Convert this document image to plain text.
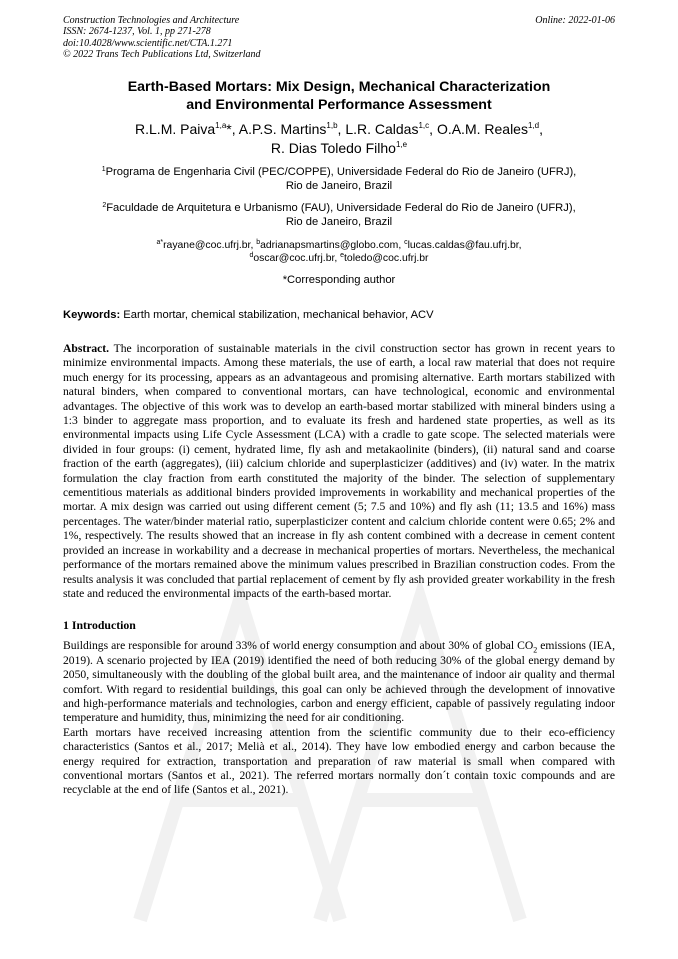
Construction Technologies and Architecture
ISSN: 2674-1237, Vol. 1, pp 271-278
doi:10.4028/www.scientific.net/CTA.1.271
© 2022 Trans Tech Publications Ltd, Switzerland
Online: 2022-01-06
Earth-Based Mortars: Mix Design, Mechanical Characterization
and Environmental Performance Assessment
R.L.M. Paiva$^{1,a}$*, A.P.S. Martins$^{1,b}$, L.R. Caldas$^{1,c}$, O.A.M. Reales$^{1,d}$,
R. Dias Toledo Filho$^{1,e}$
$^1$Programa de Engenharia Civil (PEC/COPPE), Universidade Federal do Rio de Janeiro (UFRJ),
Rio de Janeiro, Brazil
$^2$Faculdade de Arquitetura e Urbanismo (FAU), Universidade Federal do Rio de Janeiro (UFRJ),
Rio de Janeiro, Brazil
$^{a*}$rayane@coc.ufrj.br, $^b$adrianapsmartins@globo.com, $^c$lucas.caldas@fau.ufrj.br,
$^d$oscar@coc.ufrj.br, $^e$toledo@coc.ufrj.br
*Corresponding author
Keywords: Earth mortar, chemical stabilization, mechanical behavior, ACV
Abstract. The incorporation of sustainable materials in the civil construction sector has grown in recent years to minimize environmental impacts. Among these materials, the use of earth, a local raw material that does not require much energy for its processing, appears as an advantageous and promising alternative. Earth mortars stabilized with natural binders, when compared to conventional mortars, can have technological, economic and environmental advantages. The objective of this work was to develop an earth-based mortar stabilized with mineral binders using a 1:3 binder to aggregate mass proportion, and to evaluate its fresh and hardened state properties, as well as its environmental impacts using Life Cycle Assessment (LCA) with a cradle to gate scope. The selected materials were divided in four groups: (i) cement, hydrated lime, fly ash and metakaolinite (binders), (ii) natural sand and coarse fraction of the earth (aggregates), (iii) calcium chloride and superplasticizer (additives) and (iv) water. In the matrix formulation the clay fraction from earth constituted the majority of the binder. The selection of supplementary cementitious materials as additional binders provided improvements in workability and mechanical properties of the mortar. A mix design was carried out using different cement (5; 7.5 and 10%) and fly ash (11; 13.5 and 16%) mass percentages. The water/binder material ratio, superplasticizer content and calcium chloride content were 0.65; 2% and 1%, respectively. The results showed that an increase in fly ash content combined with a decrease in cement content provided an increase in workability and a decrease in mechanical properties of mortars. Nevertheless, the mechanical performance of the mortars remained above the minimum values prescribed in Brazilian construction codes. From the results analysis it was concluded that partial replacement of cement by fly ash provided greater workability in the fresh state and reduced the environmental impacts of the earth-based mortar.
1 Introduction
Buildings are responsible for around 33% of world energy consumption and about 30% of global $CO_2$ emissions (IEA, 2019). A scenario projected by IEA (2019) identified the need of both reducing 30% of the global energy demand by 2050, simultaneously with the doubling of the global built area, and the maintenance of indoor air quality and thermal comfort. With regard to residential buildings, this goal can only be achieved through the development of innovative and high-performance materials and technologies, carbon and energy efficient, capable of passively regulating indoor temperature and humidity, thus, minimizing the need for air conditioning.
Earth mortars have received increasing attention from the scientific community due to their eco-efficiency characteristics (Santos et al., 2017; Melià et al., 2014). They have low embodied energy and carbon because the energy required for extraction, transportation and preparation of raw material is small when compared with conventional mortars (Santos et al., 2021). The referred mortars normally don´t contain toxic compounds and are recyclable at the end of life (Santos et al., 2021).
